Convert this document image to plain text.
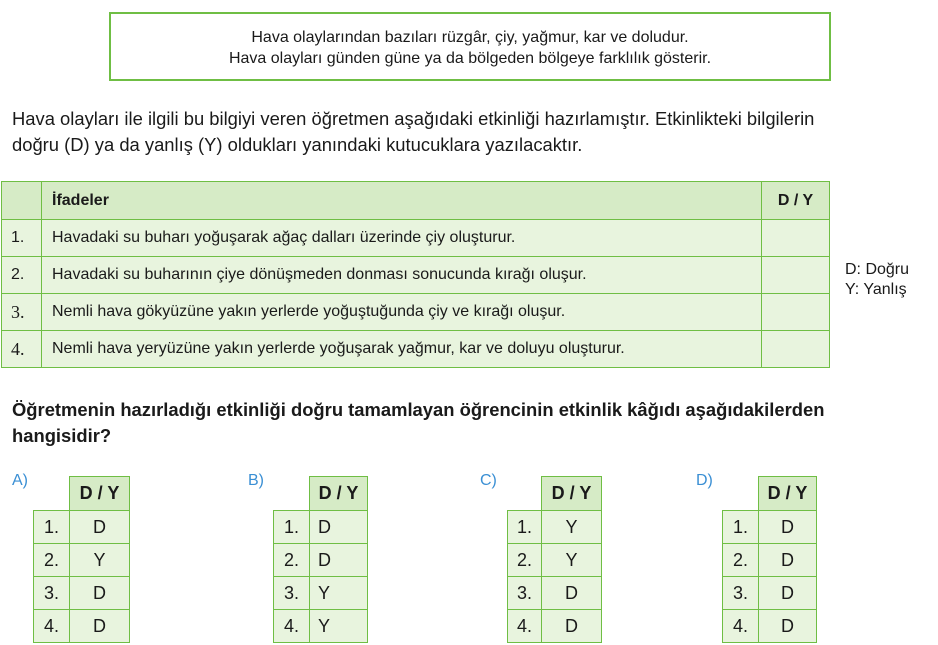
Hava olaylarından bazıları rüzgâr, çiy, yağmur, kar ve doludur.
Hava olayları günden güne ya da bölgeden bölgeye farklılık gösterir.
Hava olayları ile ilgili bu bilgiyi veren öğretmen aşağıdaki etkinliği hazırlamıştır. Etkinlikteki bilgilerin
doğru (D) ya da yanlış (Y) oldukları yanındaki kutucuklara yazılacaktır.
	İfadeler	D / Y
1.	Havadaki su buharı yoğuşarak ağaç dalları üzerinde çiy oluşturur.	
2.	Havadaki su buharının çiye dönüşmeden donması sonucunda kırağı oluşur.	
3.	Nemli hava gökyüzüne yakın yerlerde yoğuştuğunda çiy ve kırağı oluşur.	
4.	Nemli hava yeryüzüne yakın yerlerde yoğuşarak yağmur, kar ve doluyu oluşturur.	
D: Doğru
Y: Yanlış
Öğretmenin hazırladığı etkinliği doğru tamamlayan öğrencinin etkinlik kâğıdı aşağıdakilerden
hangisidir?
A)
	D / Y
1.	D
2.	Y
3.	D
4.	D
B)
	D / Y
1.	D
2.	D
3.	Y
4.	Y
C)
	D / Y
1.	Y
2.	Y
3.	D
4.	D
D)
	D / Y
1.	D
2.	D
3.	D
4.	D
